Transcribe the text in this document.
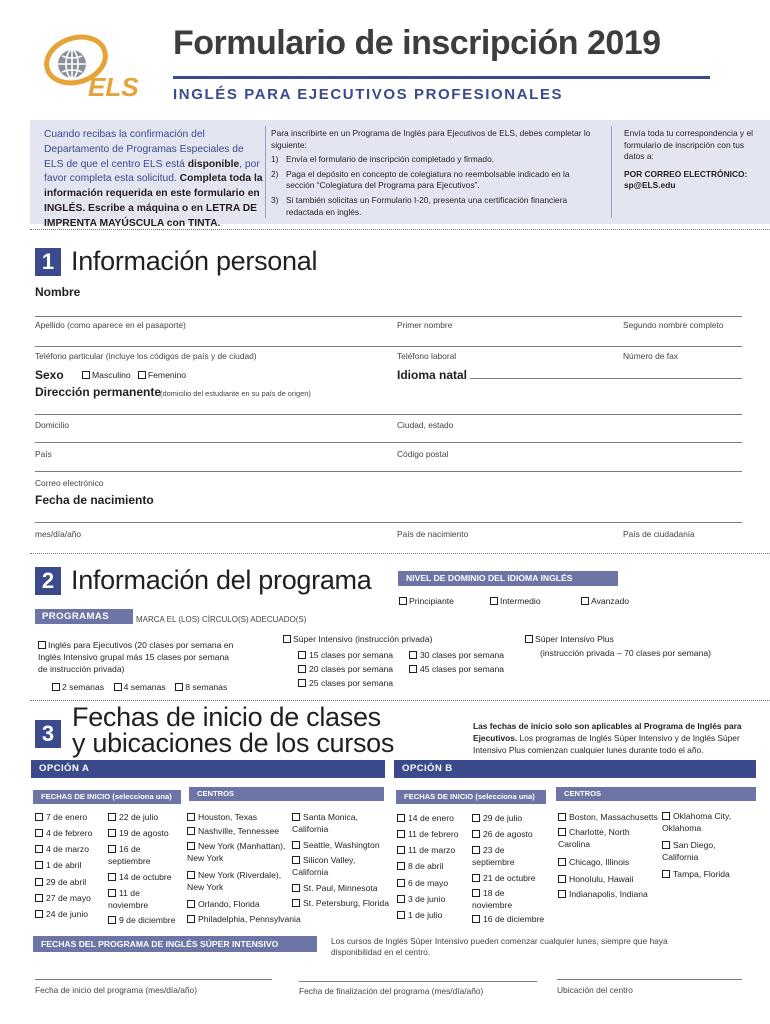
ELS
Formulario de inscripción 2019
INGLÉS PARA EJECUTIVOS PROFESIONALES
Cuando recibas la confirmación del Departamento de Programas Especiales de ELS de que el centro ELS está disponible, por favor completa esta solicitud. Completa toda la información requerida en este formulario en INGLÉS. Escribe a máquina o en LETRA DE IMPRENTA MAYÚSCULA con TINTA.
Para inscribirte en un Programa de Inglés para Ejecutivos de ELS, debes completar lo siguiente:
1) Envía el formulario de inscripción completado y firmado.
2) Paga el depósito en concepto de colegiatura no reembolsable indicado en la sección “Colegiatura del Programa para Ejecutivos”.
3) Si también solicitas un Formulario I-20, presenta una certificación financiera redactada en inglés.
Envía toda tu correspondencia y el formulario de inscripción con tus datos a:
POR CORREO ELECTRÓNICO:
sp@ELS.edu
1 Información personal
Nombre
Apellido (como aparece en el pasaporte)	Primer nombre	Segundo nombre completo
Teléfono particular (incluye los códigos de país y de ciudad)	Teléfono laboral	Número de fax
Sexo	Masculino Femenino	Idioma natal
Dirección permanente
(domicilio del estudiante en su país de origen)
Domicilio	Ciudad, estado
País	Código postal
Correo electrónico
Fecha de nacimiento
mes/día/año	País de nacimiento	País de ciudadanía
2 Información del programa	NIVEL DE DOMINIO DEL IDIOMA INGLÉS
Principiante	Intermedio	Avanzado
PROGRAMAS	MARCA EL (LOS) CÍRCULO(S) ADECUADO(S)
Inglés para Ejecutivos (20 clases por semana en Inglés Intensivo grupal más 15 clases por semana de instrucción privada)
2 semanas 4 semanas 8 semanas
Súper Intensivo (instrucción privada)
15 clases por semana
20 clases por semana
25 clases por semana
30 clases por semana
45 clases por semana
Súper Intensivo Plus
(instrucción privada – 70 clases por semana)
3
Fechas de inicio de clases
y ubicaciones de los cursos
Las fechas de inicio solo son aplicables al Programa de Inglés para Ejecutivos. Los programas de Inglés Súper Intensivo y de Inglés Súper Intensivo Plus comienzan cualquier lunes durante todo el año.
OPCIÓN A	OPCIÓN B
FECHAS DE INICIO (selecciona una)	CENTROS	FECHAS DE INICIO (selecciona una)	CENTROS
7 de enero
4 de febrero
4 de marzo
1 de abril
29 de abril
27 de mayo
24 de junio
22 de julio
19 de agosto
16 de septiembre
14 de octubre
11 de noviembre
9 de diciembre
Houston, Texas
Nashville, Tennessee
New York (Manhattan), New York
New York (Riverdale), New York
Orlando, Florida
Philadelphia, Pennsylvania
Santa Monica, California
Seattle, Washington
Silicon Valley, California
St. Paul, Minnesota
St. Petersburg, Florida
14 de enero
11 de febrero
11 de marzo
8 de abril
6 de mayo
3 de junio
1 de julio
29 de julio
26 de agosto
23 de septiembre
21 de octubre
18 de noviembre
16 de diciembre
Boston, Massachusetts
Charlotte, North Carolina
Chicago, Illinois
Honolulu, Hawaii
Indianapolis, Indiana
Oklahoma City, Oklahoma
San Diego, California
Tampa, Florida
FECHAS DEL PROGRAMA DE INGLÉS SÚPER INTENSIVO	Los cursos de Inglés Súper Intensivo pueden comenzar cualquier lunes, siempre que haya disponibilidad en el centro.
Fecha de inicio del programa (mes/día/año)	Fecha de finalización del programa (mes/día/año)	Ubicación del centro
